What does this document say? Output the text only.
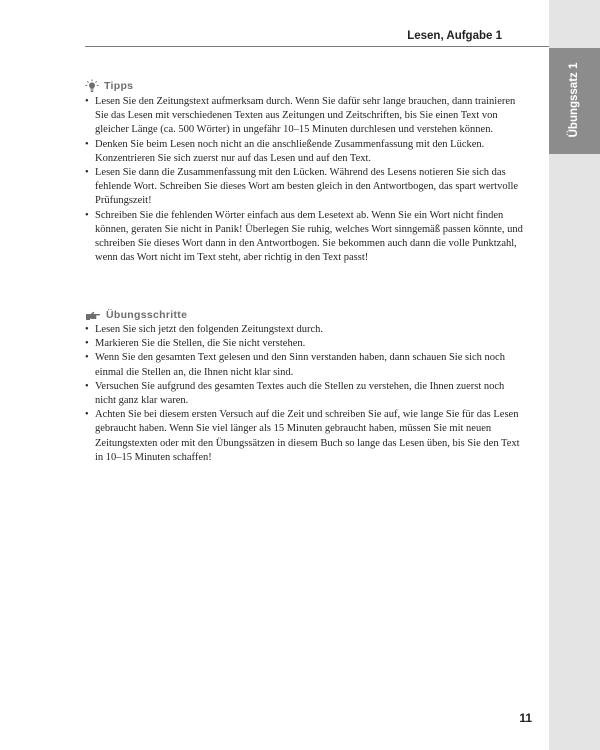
Übungssatz 1
Lesen, Aufgabe 1
Tipps
• Lesen Sie den Zeitungstext aufmerksam durch. Wenn Sie dafür sehr lange brauchen, dann trainieren Sie das Lesen mit verschiedenen Texten aus Zeitungen und Zeitschriften, bis Sie einen Text von gleicher Länge (ca. 500 Wörter) in ungefähr 10–15 Minuten durchlesen und verstehen können.
• Denken Sie beim Lesen noch nicht an die anschließende Zusammenfassung mit den Lücken. Konzentrieren Sie sich zuerst nur auf das Lesen und auf den Text.
• Lesen Sie dann die Zusammenfassung mit den Lücken. Während des Lesens notieren Sie sich das fehlende Wort. Schreiben Sie dieses Wort am besten gleich in den Antwortbogen, das spart wertvolle Prüfungszeit!
• Schreiben Sie die fehlenden Wörter einfach aus dem Lesetext ab. Wenn Sie ein Wort nicht finden können, geraten Sie nicht in Panik! Überlegen Sie ruhig, welches Wort sinngemäß passen könnte, und schreiben Sie dieses Wort dann in den Antwortbogen. Sie bekommen auch dann die volle Punktzahl, wenn das Wort nicht im Text steht, aber richtig in den Text passt!
Übungsschritte
• Lesen Sie sich jetzt den folgenden Zeitungstext durch.
• Markieren Sie die Stellen, die Sie nicht verstehen.
• Wenn Sie den gesamten Text gelesen und den Sinn verstanden haben, dann schauen Sie sich noch einmal die Stellen an, die Ihnen nicht klar sind.
• Versuchen Sie aufgrund des gesamten Textes auch die Stellen zu verstehen, die Ihnen zuerst noch nicht ganz klar waren.
• Achten Sie bei diesem ersten Versuch auf die Zeit und schreiben Sie auf, wie lange Sie für das Lesen gebraucht haben. Wenn Sie viel länger als 15 Minuten gebraucht haben, müssen Sie mit neuen Zeitungstexten oder mit den Übungssätzen in diesem Buch so lange das Lesen üben, bis Sie den Text in 10–15 Minuten schaffen!
11
